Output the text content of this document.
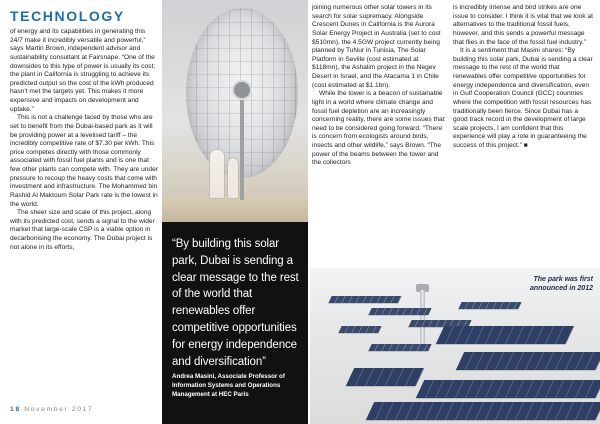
TECHNOLOGY

of energy and its capabilities in generating this 24/7 make it incredibly versatile and powerful,” says Martin Brown, independent advisor and sustainability consultant at Fairsnape. “One of the downsides to this type of power is usually its cost; the plant in California is struggling to achieve its predicted output so the cost of the kWh produced hasn’t met the targets yet. This makes it more expensive and impacts on development and uptake.”

This is not a challenge faced by those who are set to benefit from the Dubai-based park as it will be providing power at a levelised tariff – the incredibly competitive rate of $7.30 per kWh. This price competes directly with those commonly associated with fossil fuel plants and is one that few other plants can compete with. They are under pressure to recoup the heavy costs that come with investment and infrastructure. The Mohammed bin Rashid Al Maktoum Solar Park rate is the lowest in the world.

The sheer size and scale of this project, along with its predicted cost, sends a signal to the wider market that large-scale CSP is a viable option in decarbonising the economy. The Dubai project is not alone in its efforts,	“By building this solar park, Dubai is sending a clear message to the rest of the world that renewables offer competitive opportunities for energy independence and diversification”
Andrea Masini, Associate Professor of Information Systems and Operations Management at HEC Paris

joining numerous other solar towers in its search for solar supremacy. Alongside Crescent Dunes in California is the Aurora Solar Energy Project in Australia (set to cost $510mn), the 4.5GW project currently being planned by TuNur in Tunisia, The Solar Platform in Seville (cost estimated at $118mn), the Ashalim project in the Negev Desert in Israel, and the Atacama 1 in Chile (cost estimated at $1.1bn).

While the tower is a beacon of sustainable light in a world where climate change and fossil fuel depletion are an increasingly concerning reality, there are some issues that need to be considered going forward. “There is concern from ecologists around birds, insects and other wildlife,” says Brown. “The power of the beams between the tower and the collectors

is incredibly intense and bird strikes are one issue to consider. I think it is vital that we look at alternatives to the traditional fossil fuels, however, and this sends a powerful message that flies in the face of the fossil fuel industry.”

It is a sentiment that Masini shares: “By building this solar park, Dubai is sending a clear message to the rest of the world that renewables offer competitive opportunities for energy independence and diversification, even in Gulf Cooperation Council (GCC) countries where the competition with fossil resources has traditionally been fierce. Since Dubai has a good track record in the development of large scale projects, I am confident that this experience will play a role in guaranteeing the success of this project.” ■

The park was first announced in 2012
18 November 2017
